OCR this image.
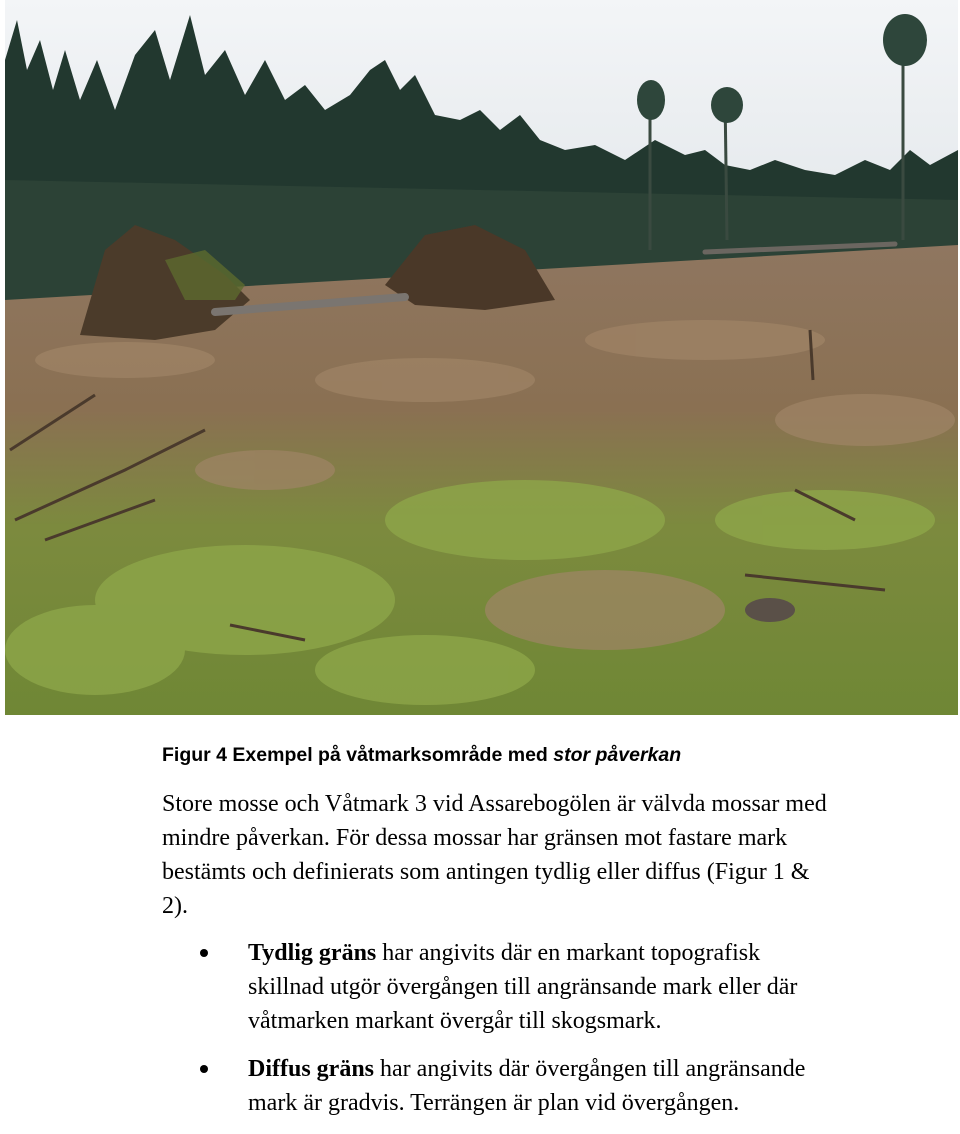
Figur 4 Exempel på våtmarksområde med stor påverkan
Store mosse och Våtmark 3 vid Assarebogölen är välvda mossar med
mindre påverkan. För dessa mossar har gränsen mot fastare mark
bestämts och definierats som antingen tydlig eller diffus (Figur 1 &
2).
Tydlig gräns har angivits där en markant topografisk
skillnad utgör övergången till angränsande mark eller där
våtmarken markant övergår till skogsmark.
Diffus gräns har angivits där övergången till angränsande
mark är gradvis. Terrängen är plan vid övergången.
